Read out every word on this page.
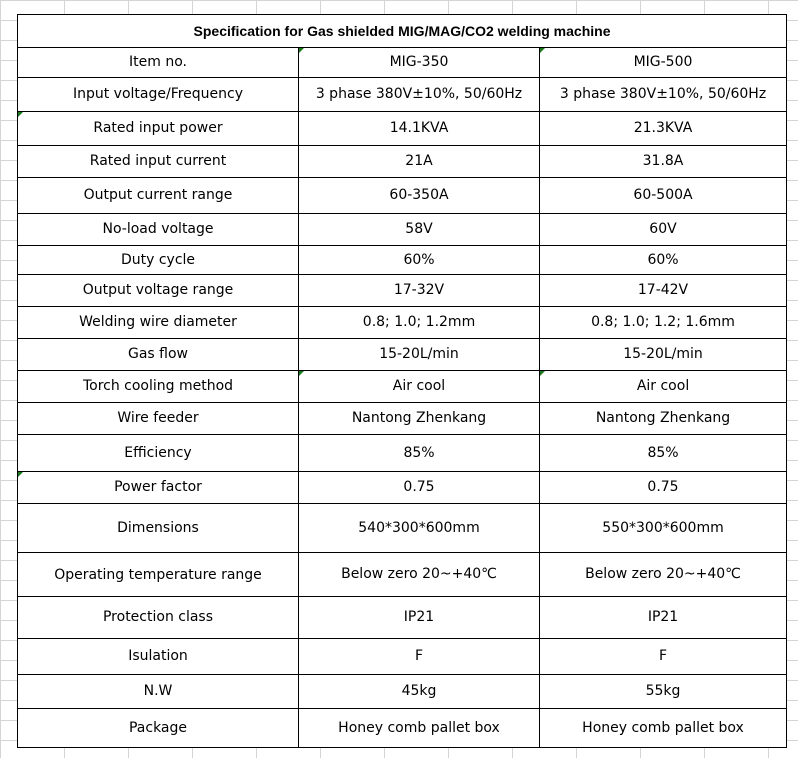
Specification for Gas shielded MIG/MAG/CO2 welding machine		
Item no.	MIG-350	MIG-500
Input voltage/Frequency	3 phase 380V±10%, 50/60Hz	3 phase 380V±10%, 50/60Hz
Rated input power	14.1KVA	21.3KVA
Rated input current	21A	31.8A
Output current range	60-350A	60-500A
No-load voltage	58V	60V
Duty cycle	60%	60%
Output voltage range	17-32V	17-42V
Welding wire diameter	0.8; 1.0; 1.2mm	0.8; 1.0; 1.2; 1.6mm
Gas flow	15-20L/min	15-20L/min
Torch cooling method	Air cool	Air cool
Wire feeder	Nantong Zhenkang	Nantong Zhenkang
Efficiency	85%	85%
Power factor	0.75	0.75
Dimensions	540*300*600mm	550*300*600mm
Operating temperature range	Below zero 20~+40℃	Below zero 20~+40℃
Protection class	IP21	IP21
Isulation	F	F
N.W	45kg	55kg
Package	Honey comb pallet box	Honey comb pallet box
